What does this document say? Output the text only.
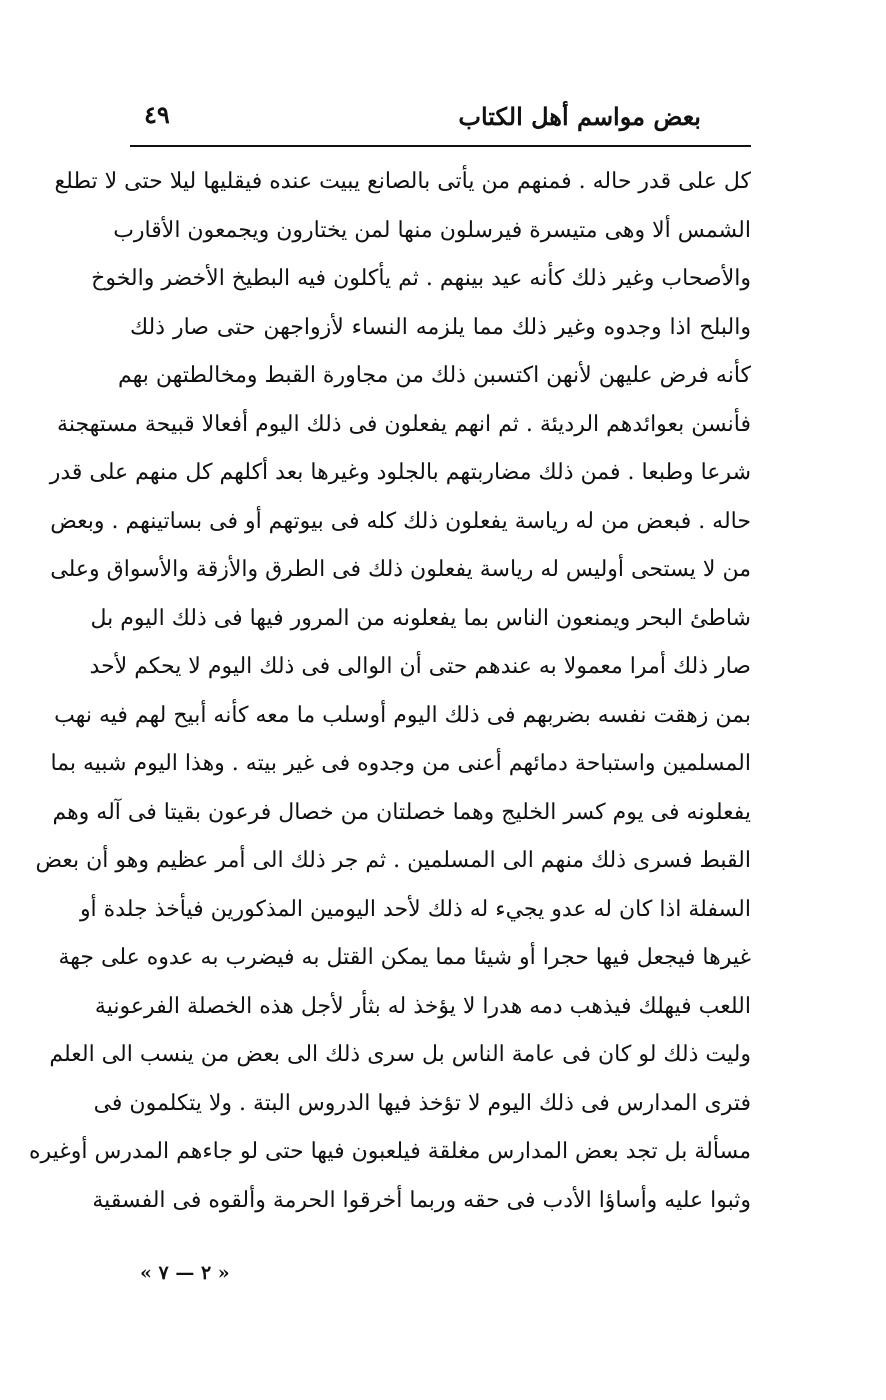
بعض مواسم أهل الكتاب
٤٩
كل على قدر حاله . فمنهم من يأتى بالصانع يبيت عنده فيقليها ليلا حتى لا تطلع
الشمس ألا وهى متيسرة فيرسلون منها لمن يختارون ويجمعون الأقارب
والأصحاب وغير ذلك كأنه عيد بينهم . ثم يأكلون فيه البطيخ الأخضر والخوخ
والبلح اذا وجدوه وغير ذلك مما يلزمه النساء لأزواجهن حتى صار ذلك
كأنه فرض عليهن لأنهن اكتسبن ذلك من مجاورة القبط ومخالطتهن بهم
فأنسن بعوائدهم الرديئة . ثم انهم يفعلون فى ذلك اليوم أفعالا قبيحة مستهجنة
شرعا وطبعا . فمن ذلك مضاربتهم بالجلود وغيرها بعد أكلهم كل منهم على قدر
حاله . فبعض من له رياسة يفعلون ذلك كله فى بيوتهم أو فى بساتينهم . وبعض
من لا يستحى أوليس له رياسة يفعلون ذلك فى الطرق والأزقة والأسواق وعلى
شاطئ البحر ويمنعون الناس بما يفعلونه من المرور فيها فى ذلك اليوم بل
صار ذلك أمرا معمولا به عندهم حتى أن الوالى فى ذلك اليوم لا يحكم لأحد
بمن زهقت نفسه بضربهم فى ذلك اليوم أوسلب ما معه كأنه أبيح لهم فيه نهب
المسلمين واستباحة دمائهم أعنى من وجدوه فى غير بيته . وهذا اليوم شبيه بما
يفعلونه فى يوم كسر الخليج وهما خصلتان من خصال فرعون بقيتا فى آله وهم
القبط فسرى ذلك منهم الى المسلمين . ثم جر ذلك الى أمر عظيم وهو أن بعض
السفلة اذا كان له عدو يجيء له ذلك لأحد اليومين المذكورين فيأخذ جلدة أو
غيرها فيجعل فيها حجرا أو شيئا مما يمكن القتل به فيضرب به عدوه على جهة
اللعب فيهلك فيذهب دمه هدرا لا يؤخذ له بثأر لأجل هذه الخصلة الفرعونية
وليت ذلك لو كان فى عامة الناس بل سرى ذلك الى بعض من ينسب الى العلم
فترى المدارس فى ذلك اليوم لا تؤخذ فيها الدروس البتة . ولا يتكلمون فى
مسألة بل تجد بعض المدارس مغلقة فيلعبون فيها حتى لو جاءهم المدرس أوغيره
وثبوا عليه وأساؤا الأدب فى حقه وربما أخرقوا الحرمة وألقوه فى الفسقية
« ٢ — ٧ »
